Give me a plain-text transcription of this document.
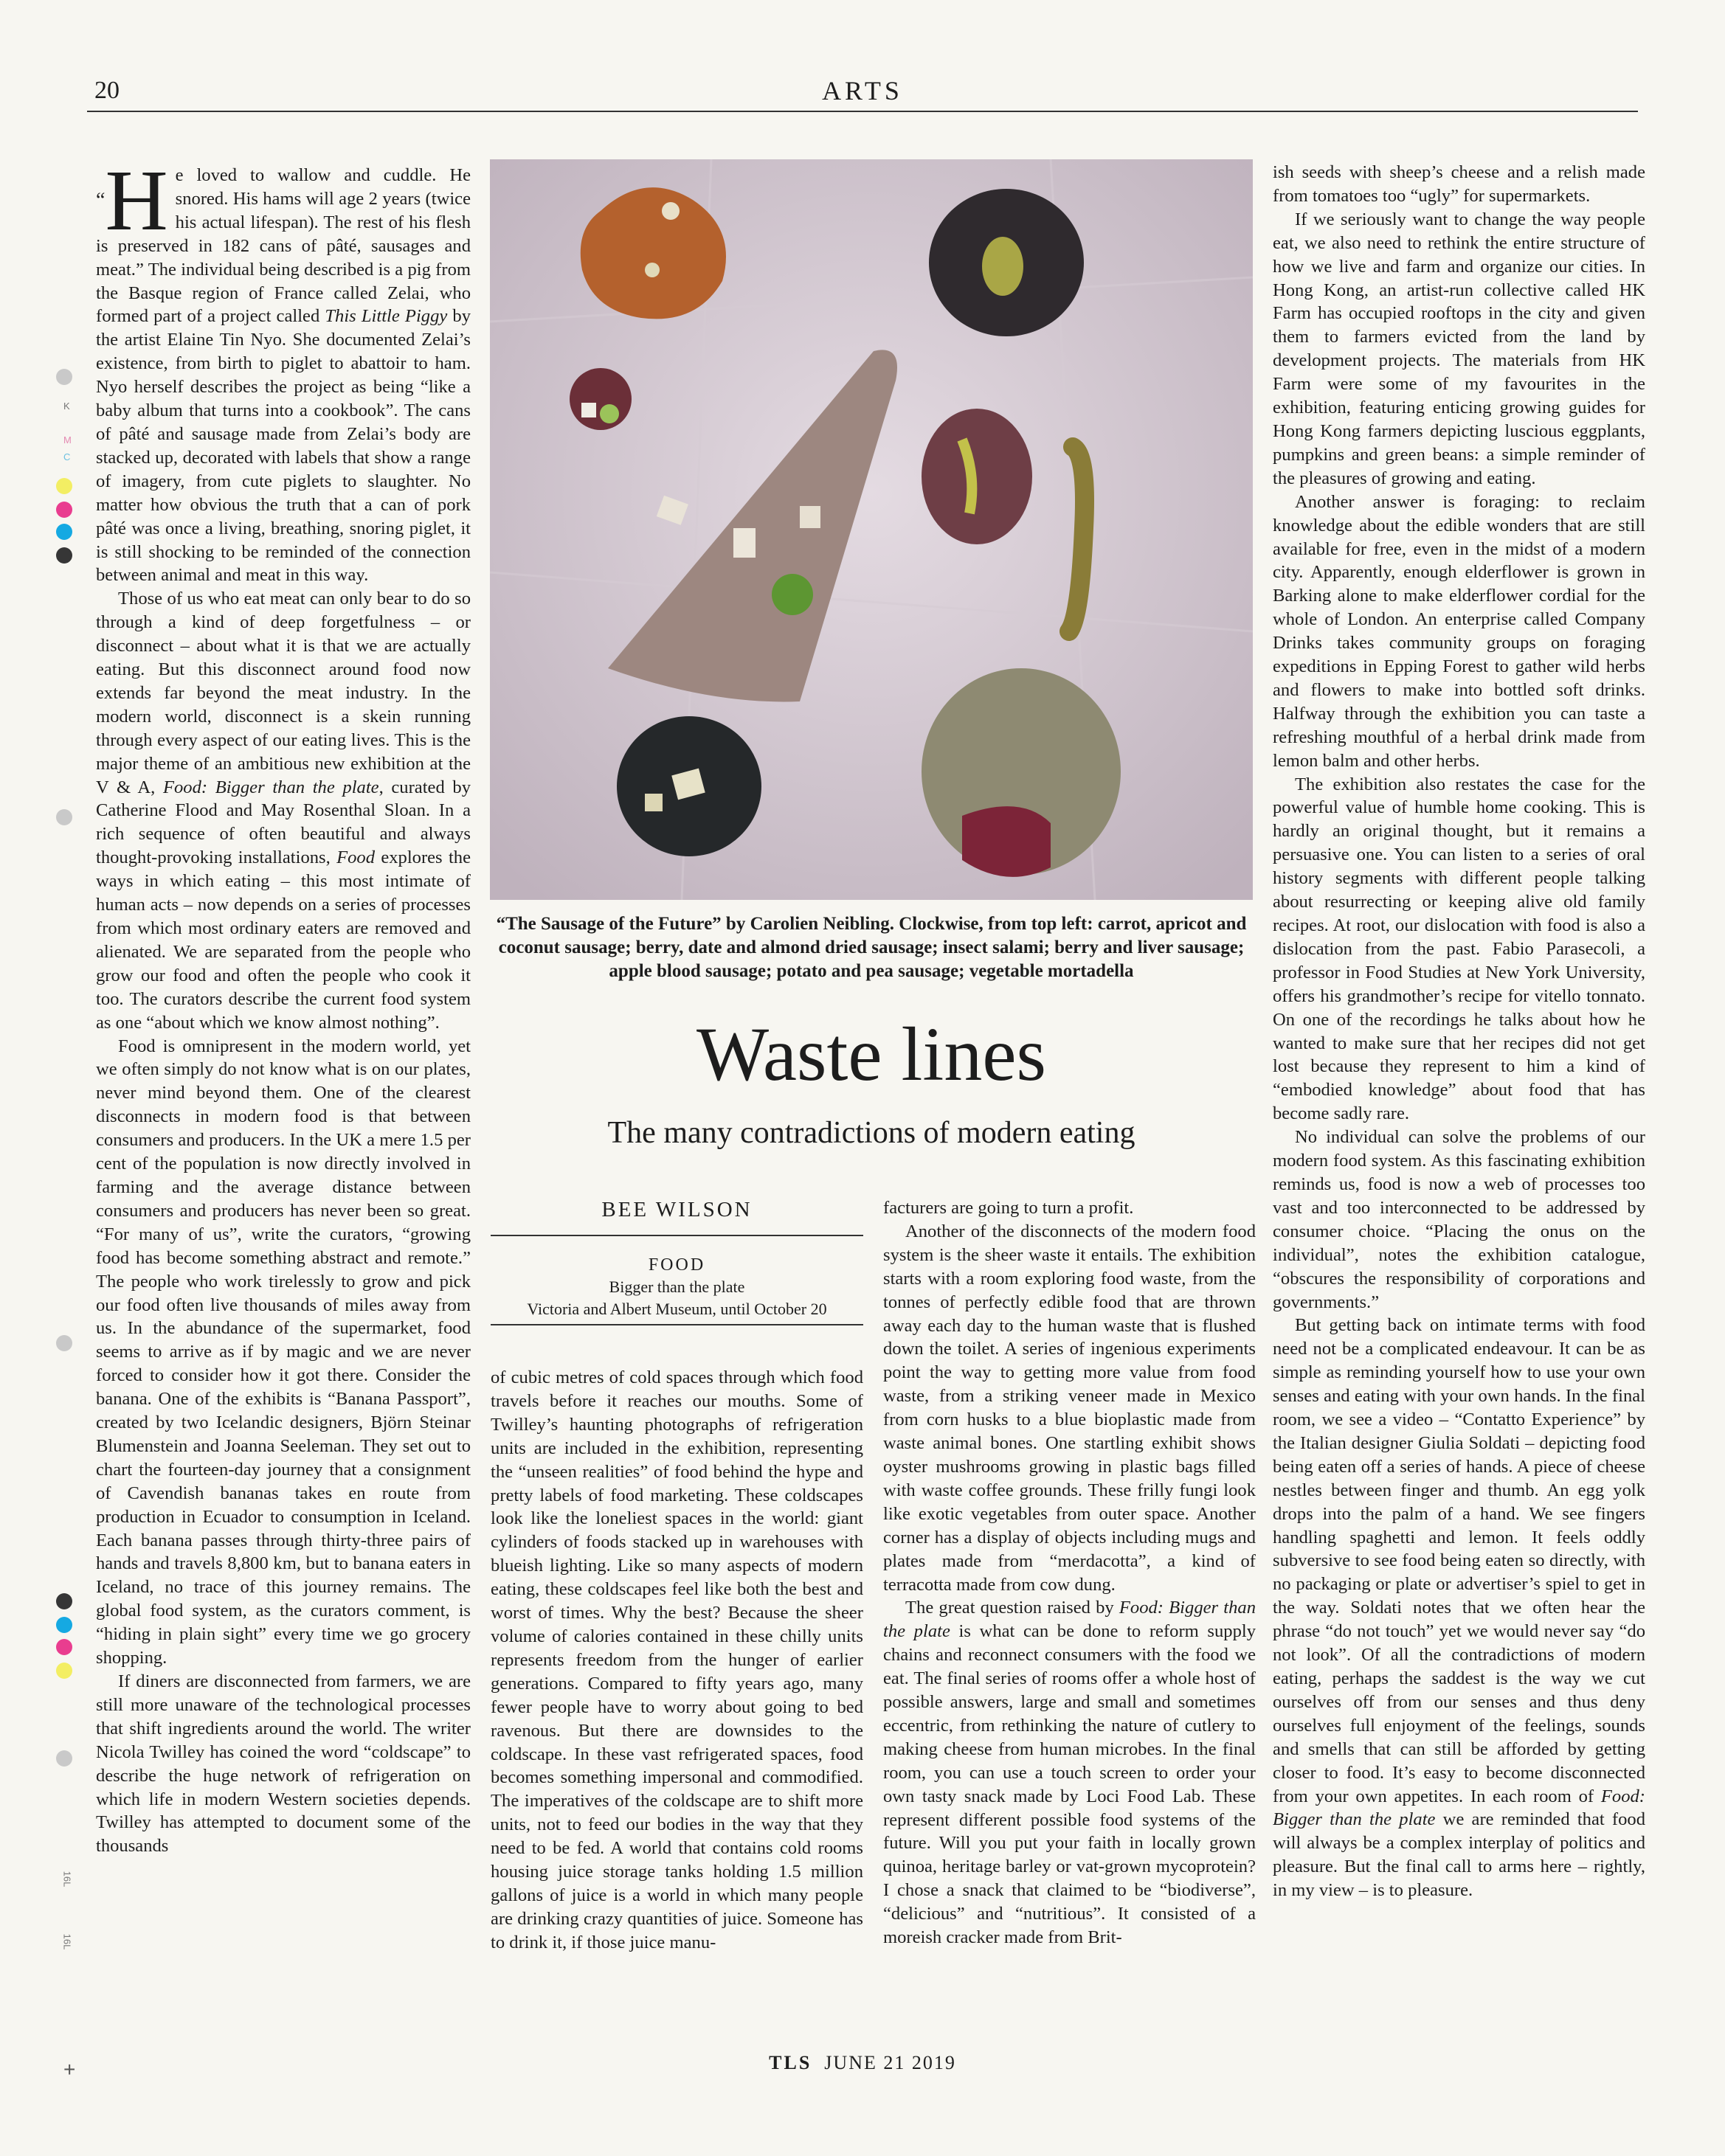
20	ARTS

“H e loved to wallow and cuddle. He snored. His hams will age 2 years (twice his actual lifespan). The rest of his flesh is preserved in 182 cans of pâté, sausages and meat.” The individual being described is a pig from the Basque region of France called Zelai, who formed part of a project called This Little Piggy by the artist Elaine Tin Nyo. She documented Zelai’s existence, from birth to piglet to abattoir to ham. Nyo herself describes the project as being “like a baby album that turns into a cookbook”. The cans of pâté and sausage made from Zelai’s body are stacked up, decorated with labels that show a range of imagery, from cute piglets to slaughter. No matter how obvious the truth that a can of pork pâté was once a living, breathing, snoring piglet, it is still shocking to be reminded of the connection between animal and meat in this way.

Those of us who eat meat can only bear to do so through a kind of deep forgetfulness – or disconnect – about what it is that we are actually eating. But this disconnect around food now extends far beyond the meat industry. In the modern world, disconnect is a skein running through every aspect of our eating lives. This is the major theme of an ambitious new exhibition at the V & A, Food: Bigger than the plate, curated by Catherine Flood and May Rosenthal Sloan. In a rich sequence of often beautiful and always thought-provoking installations, Food explores the ways in which eating – this most intimate of human acts – now depends on a series of processes from which most ordinary eaters are removed and alienated. We are separated from the people who grow our food and often the people who cook it too. The curators describe the current food system as one “about which we know almost nothing”.

Food is omnipresent in the modern world, yet we often simply do not know what is on our plates, never mind beyond them. One of the clearest disconnects in modern food is that between consumers and producers. In the UK a mere 1.5 per cent of the population is now directly involved in farming and the average distance between consumers and producers has never been so great. “For many of us”, write the curators, “growing food has become something abstract and remote.” The people who work tirelessly to grow and pick our food often live thousands of miles away from us. In the abundance of the supermarket, food seems to arrive as if by magic and we are never forced to consider how it got there. Consider the banana. One of the exhibits is “Banana Passport”, created by two Icelandic designers, Björn Steinar Blumenstein and Joanna Seeleman. They set out to chart the fourteen-day journey that a consignment of Cavendish bananas takes en route from production in Ecuador to consumption in Iceland. Each banana passes through thirty-three pairs of hands and travels 8,800 km, but to banana eaters in Iceland, no trace of this journey remains. The global food system, as the curators comment, is “hiding in plain sight” every time we go grocery shopping.

If diners are disconnected from farmers, we are still more unaware of the technological processes that shift ingredients around the world. The writer Nicola Twilley has coined the word “coldscape” to describe the huge network of refrigeration on which life in modern Western societies depends. Twilley has attempted to document some of the thousands

“The Sausage of the Future” by Carolien Neibling. Clockwise, from top left: carrot, apricot and coconut sausage; berry, date and almond dried sausage; insect salami; berry and liver sausage; apple blood sausage; potato and pea sausage; vegetable mortadella
Waste lines
The many contradictions of modern eating
BEE WILSON
FOOD
Bigger than the plate
Victoria and Albert Museum, until October 20

of cubic metres of cold spaces through which food travels before it reaches our mouths. Some of Twilley’s haunting photographs of refrigeration units are included in the exhibition, representing the “unseen realities” of food behind the hype and pretty labels of food marketing. These coldscapes look like the loneliest spaces in the world: giant cylinders of foods stacked up in warehouses with blueish lighting. Like so many aspects of modern eating, these coldscapes feel like both the best and worst of times. Why the best? Because the sheer volume of calories contained in these chilly units represents freedom from the hunger of earlier generations. Compared to fifty years ago, many fewer people have to worry about going to bed ravenous. But there are downsides to the coldscape. In these vast refrigerated spaces, food becomes something impersonal and commodified. The imperatives of the coldscape are to shift more units, not to feed our bodies in the way that they need to be fed. A world that contains cold rooms housing juice storage tanks holding 1.5 million gallons of juice is a world in which many people are drinking crazy quantities of juice. Someone has to drink it, if those juice manu-

facturers are going to turn a profit.

Another of the disconnects of the modern food system is the sheer waste it entails. The exhibition starts with a room exploring food waste, from the tonnes of perfectly edible food that are thrown away each day to the human waste that is flushed down the toilet. A series of ingenious experiments point the way to getting more value from food waste, from a striking veneer made in Mexico from corn husks to a blue bioplastic made from waste animal bones. One startling exhibit shows oyster mushrooms growing in plastic bags filled with waste coffee grounds. These frilly fungi look like exotic vegetables from outer space. Another corner has a display of objects including mugs and plates made from “merdacotta”, a kind of terracotta made from cow dung.

The great question raised by Food: Bigger than the plate is what can be done to reform supply chains and reconnect consumers with the food we eat. The final series of rooms offer a whole host of possible answers, large and small and sometimes eccentric, from rethinking the nature of cutlery to making cheese from human microbes. In the final room, you can use a touch screen to order your own tasty snack made by Loci Food Lab. These represent different possible food systems of the future. Will you put your faith in locally grown quinoa, heritage barley or vat-grown mycoprotein? I chose a snack that claimed to be “biodiverse”, “delicious” and “nutritious”. It consisted of a moreish cracker made from Brit-

ish seeds with sheep’s cheese and a relish made from tomatoes too “ugly” for supermarkets.

If we seriously want to change the way people eat, we also need to rethink the entire structure of how we live and farm and organize our cities. In Hong Kong, an artist-run collective called HK Farm has occupied rooftops in the city and given them to farmers evicted from the land by development projects. The materials from HK Farm were some of my favourites in the exhibition, featuring enticing growing guides for Hong Kong farmers depicting luscious eggplants, pumpkins and green beans: a simple reminder of the pleasures of growing and eating.

Another answer is foraging: to reclaim knowledge about the edible wonders that are still available for free, even in the midst of a modern city. Apparently, enough elderflower is grown in Barking alone to make elderflower cordial for the whole of London. An enterprise called Company Drinks takes community groups on foraging expeditions in Epping Forest to gather wild herbs and flowers to make into bottled soft drinks. Halfway through the exhibition you can taste a refreshing mouthful of a herbal drink made from lemon balm and other herbs.

The exhibition also restates the case for the powerful value of humble home cooking. This is hardly an original thought, but it remains a persuasive one. You can listen to a series of oral history segments with different people talking about resurrecting or keeping alive old family recipes. At root, our dislocation with food is also a dislocation from the past. Fabio Parasecoli, a professor in Food Studies at New York University, offers his grandmother’s recipe for vitello tonnato. On one of the recordings he talks about how he wanted to make sure that her recipes did not get lost because they represent to him a kind of “embodied knowledge” about food that has become sadly rare.

No individual can solve the problems of our modern food system. As this fascinating exhibition reminds us, food is now a web of processes too vast and too interconnected to be addressed by consumer choice. “Placing the onus on the individual”, notes the exhibition catalogue, “obscures the responsibility of corporations and governments.”

But getting back on intimate terms with food need not be a complicated endeavour. It can be as simple as reminding yourself how to use your own senses and eating with your own hands. In the final room, we see a video – “Contatto Experience” by the Italian designer Giulia Soldati – depicting food being eaten off a series of hands. A piece of cheese nestles between finger and thumb. An egg yolk drops into the palm of a hand. We see fingers handling spaghetti and lemon. It feels oddly subversive to see food being eaten so directly, with no packaging or plate or advertiser’s spiel to get in the way. Soldati notes that we often hear the phrase “do not touch” yet we would never say “do not look”. Of all the contradictions of modern eating, perhaps the saddest is the way we cut ourselves off from our senses and thus deny ourselves full enjoyment of the feelings, sounds and smells that can still be afforded by getting closer to food. It’s easy to become disconnected from your own appetites. In each room of Food: Bigger than the plate we are reminded that food will always be a complex interplay of politics and pleasure. But the final call to arms here – rightly, in my view – is to pleasure.

TLS JUNE 21 2019
K
M
C
16L
16L
+
